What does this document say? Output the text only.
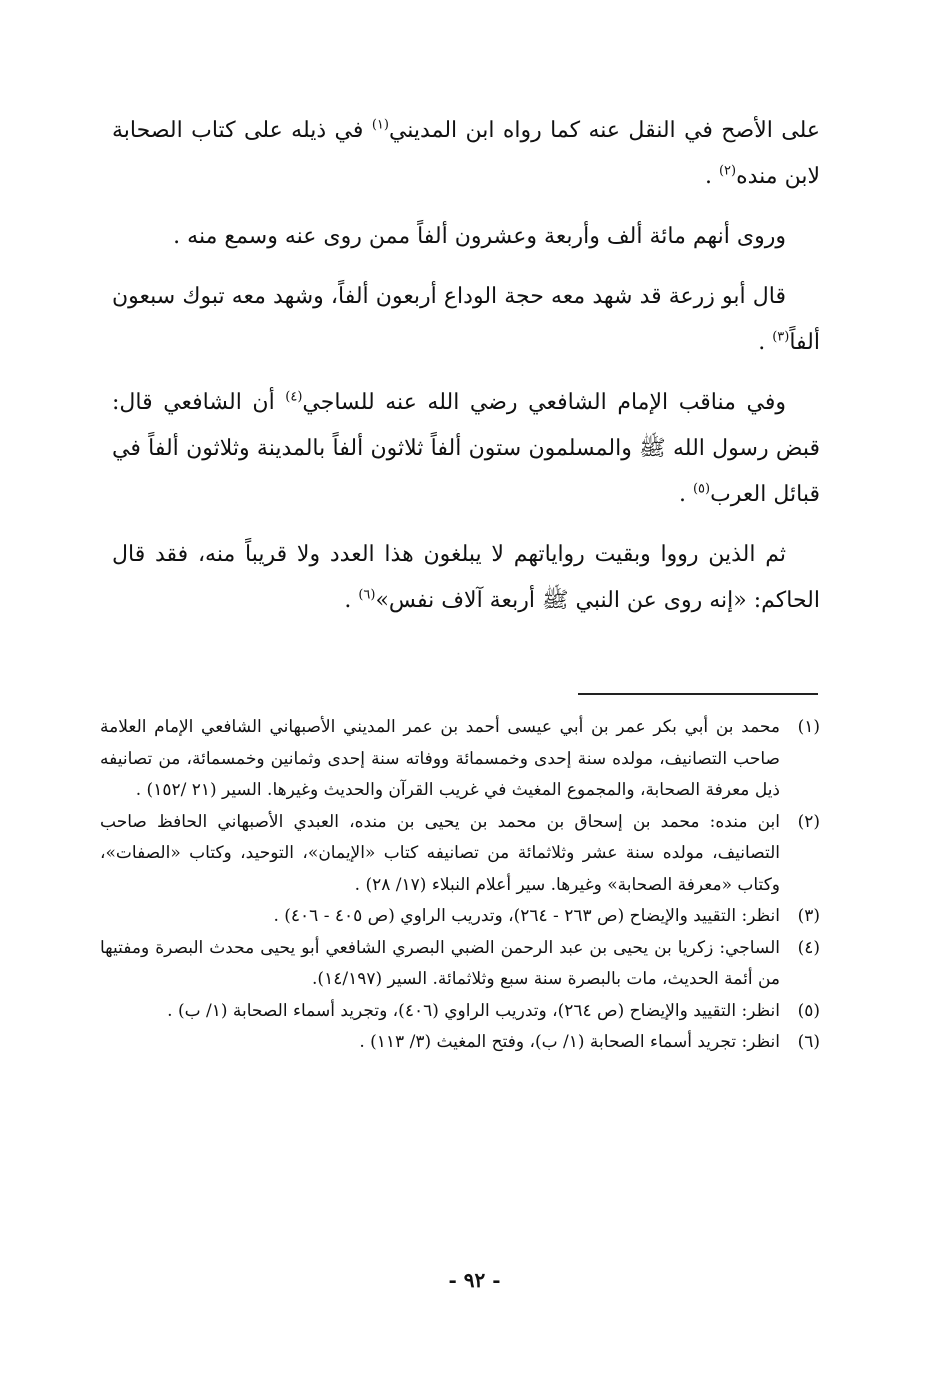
على الأصح في النقل عنه كما رواه ابن المديني$^{(١)}$ في ذيله على كتاب الصحابة لابن منده$^{(٢)}$ .

وروى أنهم مائة ألف وأربعة وعشرون ألفاً ممن روى عنه وسمع منه .

قال أبو زرعة قد شهد معه حجة الوداع أربعون ألفاً، وشهد معه تبوك سبعون ألفاً$^{(٣)}$ .

وفي مناقب الإمام الشافعي رضي الله عنه للساجي$^{(٤)}$ أن الشافعي قال: قبض رسول الله ﷺ والمسلمون ستون ألفاً ثلاثون ألفاً بالمدينة وثلاثون ألفاً في قبائل العرب$^{(٥)}$ .

ثم الذين رووا وبقيت رواياتهم لا يبلغون هذا العدد ولا قريباً منه، فقد قال الحاكم: «إنه روى عن النبي ﷺ أربعة آلاف نفس»$^{(٦)}$ .

(١)
محمد بن أبي بكر عمر بن أبي عيسى أحمد بن عمر المديني الأصبهاني الشافعي الإمام العلامة صاحب التصانيف، مولده سنة إحدى وخمسمائة ووفاته سنة إحدى وثمانين وخمسمائة، من تصانيفه ذيل معرفة الصحابة، والمجموع المغيث في غريب القرآن والحديث وغيرها. السير (٢١ /١٥٢) .
(٢)
ابن منده: محمد بن إسحاق بن محمد بن يحيى بن منده، العبدي الأصبهاني الحافظ صاحب التصانيف، مولده سنة عشر وثلاثمائة من تصانيفه كتاب «الإيمان»، التوحيد، وكتاب «الصفات»، وكتاب «معرفة الصحابة» وغيرها. سير أعلام النبلاء (١٧/ ٢٨) .
(٣)
انظر: التقييد والإيضاح (ص ٢٦٣ - ٢٦٤)، وتدريب الراوي (ص ٤٠٥ - ٤٠٦) .
(٤)
الساجي: زكريا بن يحيى بن عبد الرحمن الضبي البصري الشافعي أبو يحيى محدث البصرة ومفتيها من أئمة الحديث، مات بالبصرة سنة سبع وثلاثمائة. السير (١٤/١٩٧).
(٥)
انظر: التقييد والإيضاح (ص ٢٦٤)، وتدريب الراوي (٤٠٦)، وتجريد أسماء الصحابة (١/ ب) .
(٦)
انظر: تجريد أسماء الصحابة (١/ ب)، وفتح المغيث (٣/ ١١٣) .
- ٩٢ -
